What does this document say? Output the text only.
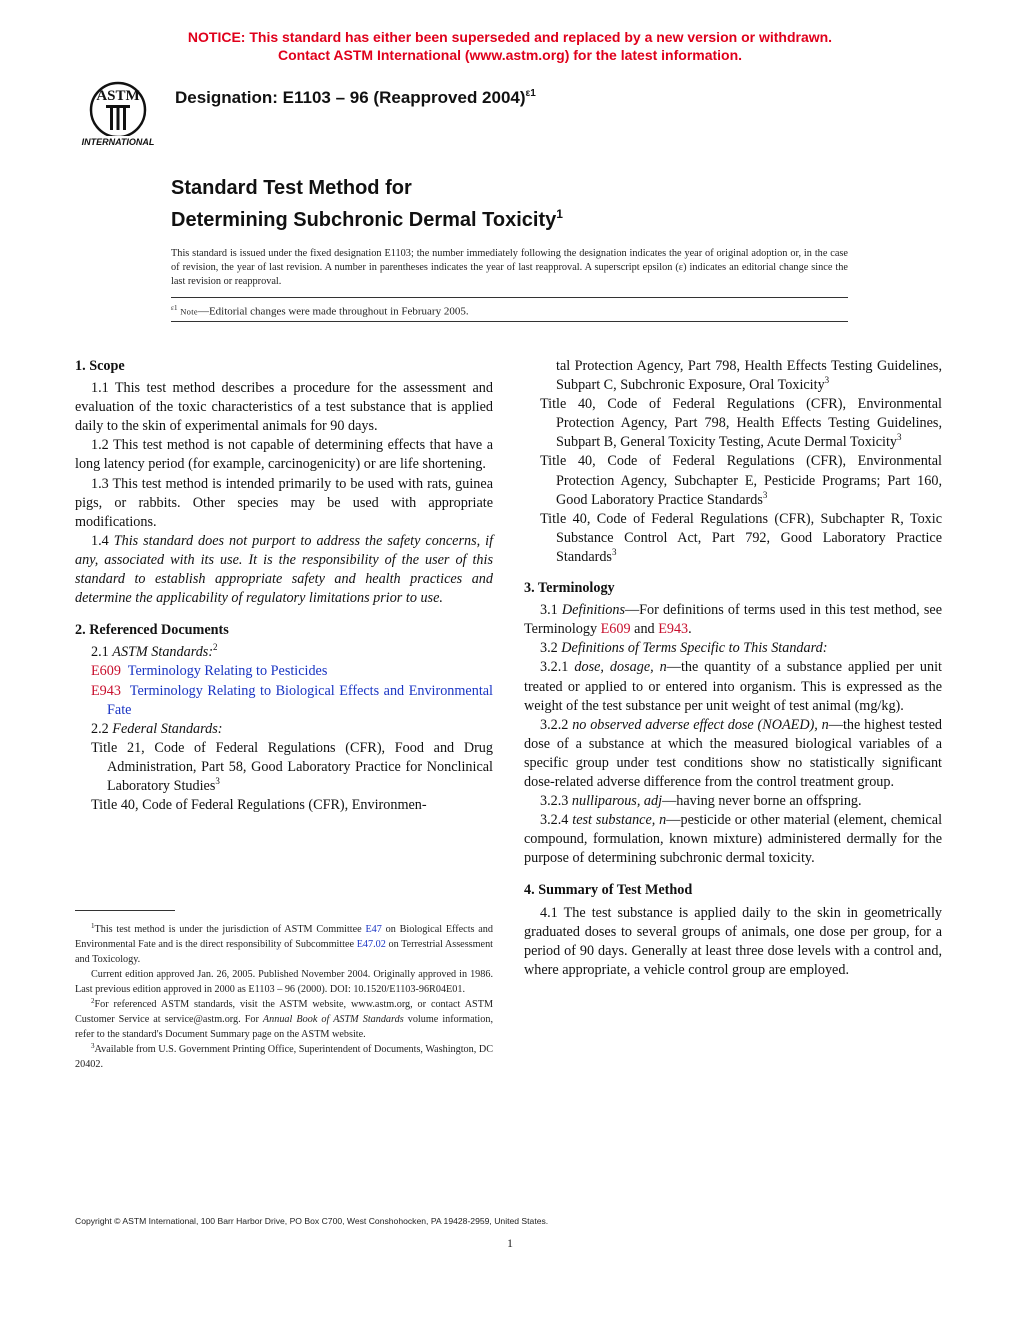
NOTICE: This standard has either been superseded and replaced by a new version or withdrawn.
Contact ASTM International (www.astm.org) for the latest information.
ASTM
INTERNATIONAL
Designation: E1103 – 96 (Reapproved 2004)$^{\varepsilon 1}$
Standard Test Method for
Determining Subchronic Dermal Toxicity$^1$

This standard is issued under the fixed designation E1103; the number immediately following the designation indicates the year of original adoption or, in the case of revision, the year of last revision. A number in parentheses indicates the year of last reapproval. A superscript epsilon (ε) indicates an editorial change since the last revision or reapproval.

$^{\varepsilon 1}$ Note—Editorial changes were made throughout in February 2005.

1. Scope

1.1 This test method describes a procedure for the assessment and evaluation of the toxic characteristics of a test substance that is applied daily to the skin of experimental animals for 90 days.

1.2 This test method is not capable of determining effects that have a long latency period (for example, carcinogenicity) or are life shortening.

1.3 This test method is intended primarily to be used with rats, guinea pigs, or rabbits. Other species may be used with appropriate modifications.

1.4 This standard does not purport to address the safety concerns, if any, associated with its use. It is the responsibility of the user of this standard to establish appropriate safety and health practices and determine the applicability of regulatory limitations prior to use.

2. Referenced Documents

2.1 ASTM Standards:$^2$

E609 Terminology Relating to Pesticides

E943 Terminology Relating to Biological Effects and Environmental Fate

2.2 Federal Standards:

Title 21, Code of Federal Regulations (CFR), Food and Drug Administration, Part 58, Good Laboratory Practice for Nonclinical Laboratory Studies$^3$

Title 40, Code of Federal Regulations (CFR), Environmen-

$^1$This test method is under the jurisdiction of ASTM Committee E47 on Biological Effects and Environmental Fate and is the direct responsibility of Subcommittee E47.02 on Terrestrial Assessment and Toxicology.

Current edition approved Jan. 26, 2005. Published November 2004. Originally approved in 1986. Last previous edition approved in 2000 as E1103 – 96 (2000). DOI: 10.1520/E1103-96R04E01.

$^2$For referenced ASTM standards, visit the ASTM website, www.astm.org, or contact ASTM Customer Service at service@astm.org. For Annual Book of ASTM Standards volume information, refer to the standard's Document Summary page on the ASTM website.

$^3$Available from U.S. Government Printing Office, Superintendent of Documents, Washington, DC 20402.

tal Protection Agency, Part 798, Health Effects Testing Guidelines, Subpart C, Subchronic Exposure, Oral Toxicity$^3$

Title 40, Code of Federal Regulations (CFR), Environmental Protection Agency, Part 798, Health Effects Testing Guidelines, Subpart B, General Toxicity Testing, Acute Dermal Toxicity$^3$

Title 40, Code of Federal Regulations (CFR), Environmental Protection Agency, Subchapter E, Pesticide Programs; Part 160, Good Laboratory Practice Standards$^3$

Title 40, Code of Federal Regulations (CFR), Subchapter R, Toxic Substance Control Act, Part 792, Good Laboratory Practice Standards$^3$

3. Terminology

3.1 Definitions—For definitions of terms used in this test method, see Terminology E609 and E943.

3.2 Definitions of Terms Specific to This Standard:

3.2.1 dose, dosage, n—the quantity of a substance applied per unit treated or applied to or entered into organism. This is expressed as the weight of the test substance per unit weight of test animal (mg/kg).

3.2.2 no observed adverse effect dose (NOAED), n—the highest tested dose of a substance at which the measured biological variables of a specific group under test conditions show no statistically significant dose-related adverse difference from the control treatment group.

3.2.3 nulliparous, adj—having never borne an offspring.

3.2.4 test substance, n—pesticide or other material (element, chemical compound, formulation, known mixture) administered dermally for the purpose of determining subchronic dermal toxicity.

4. Summary of Test Method

4.1 The test substance is applied daily to the skin in geometrically graduated doses to several groups of animals, one dose per group, for a period of 90 days. Generally at least three dose levels with a control and, where appropriate, a vehicle control group are employed.

Copyright © ASTM International, 100 Barr Harbor Drive, PO Box C700, West Conshohocken, PA 19428-2959, United States.
1
